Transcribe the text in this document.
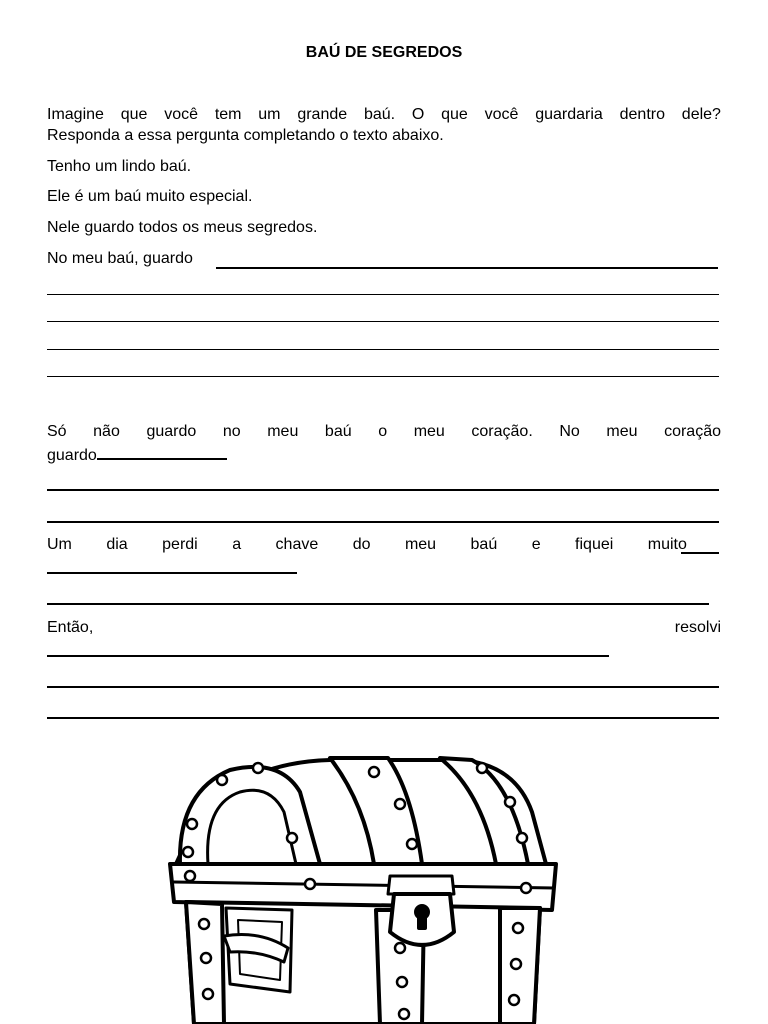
BAÚ DE SEGREDOS
Imagine que você tem um grande baú. O que você guardaria dentro dele?
Responda a essa pergunta completando o texto abaixo.
Tenho um lindo baú.
Ele é um baú muito especial.
Nele guardo todos os meus segredos.
No meu baú, guardo
Só não guardo no meu baú o meu coração. No meu coração
guardo
Um dia perdi a chave do meu baú e fiquei muito
Então,	resolvi
